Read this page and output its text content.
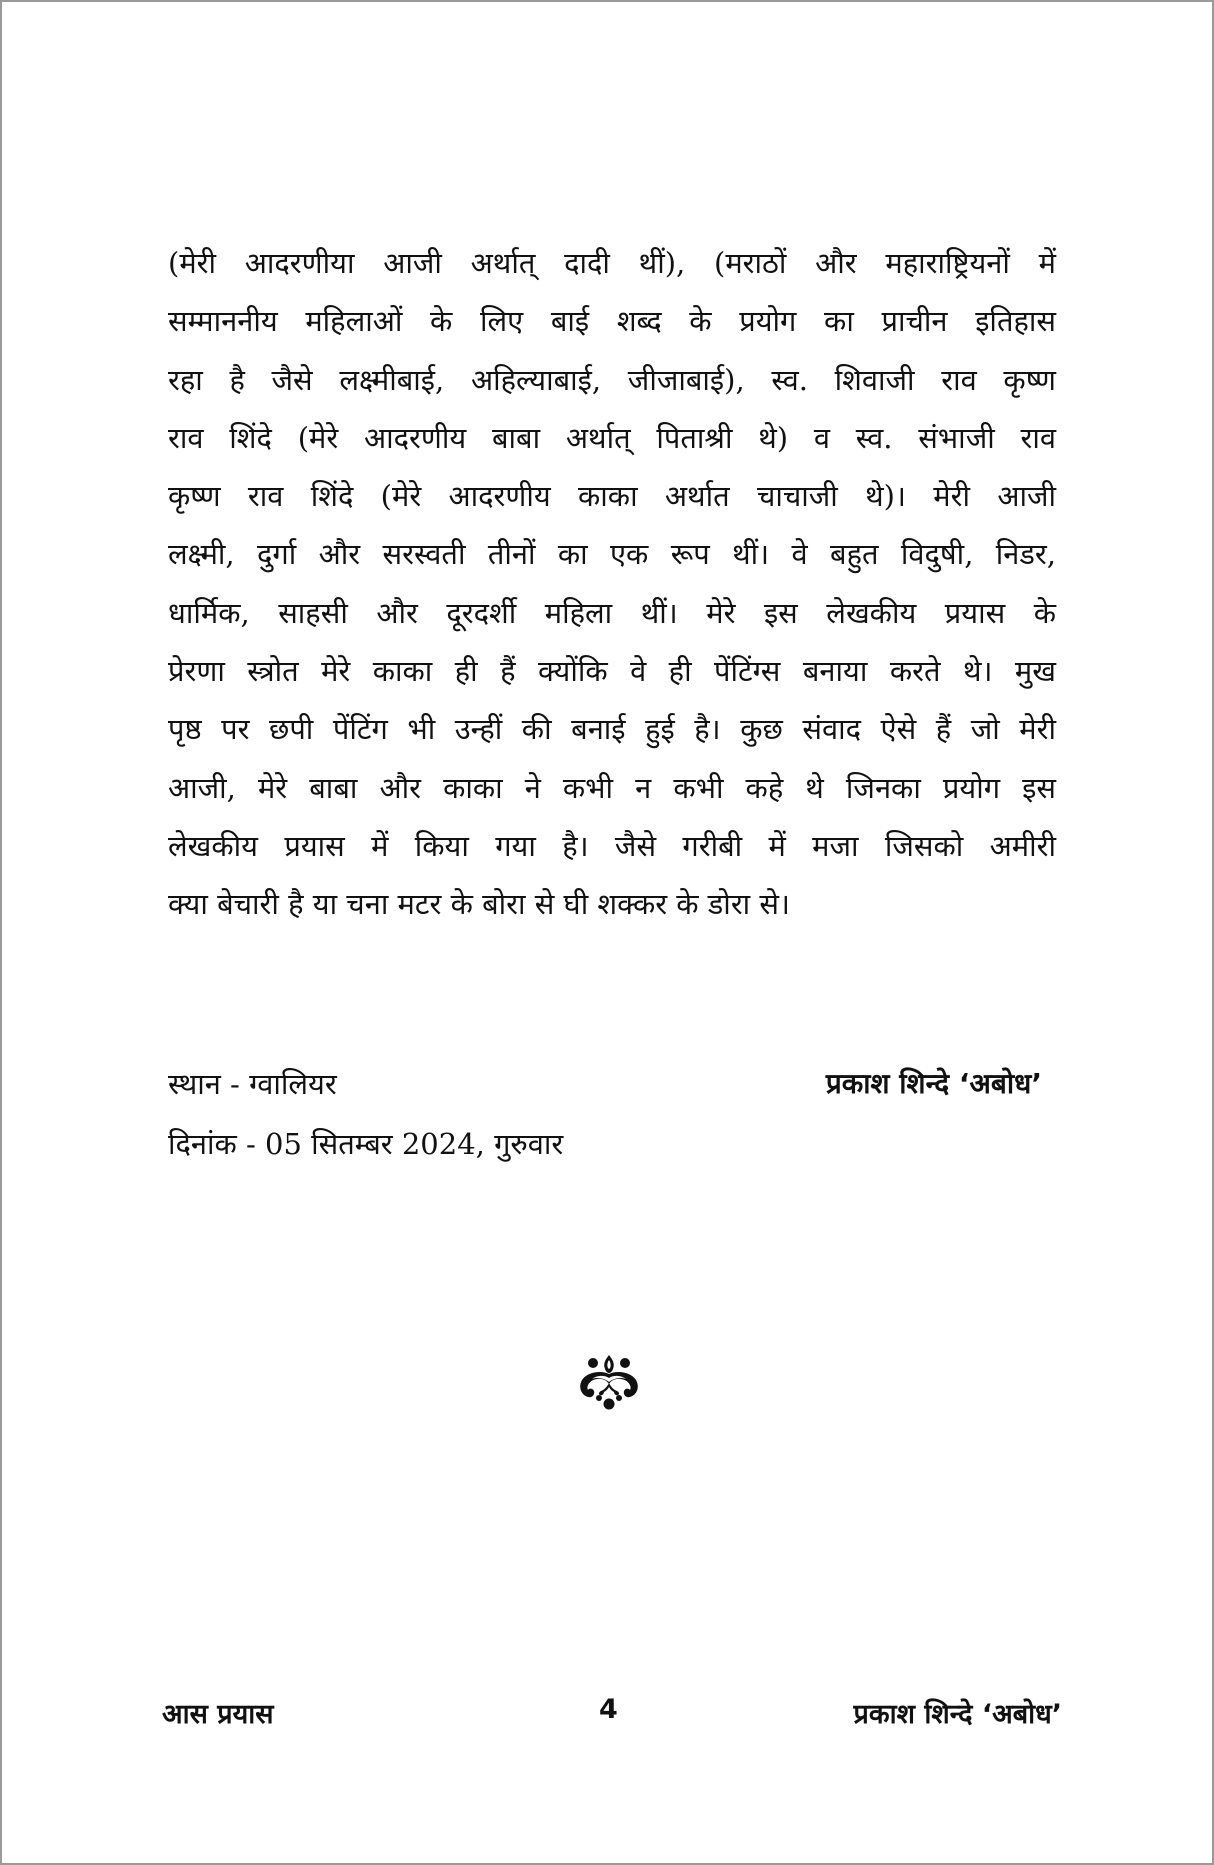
(मेरी आदरणीया आजी अर्थात् दादी थीं), (मराठों और महाराष्ट्रियनों में
सम्माननीय महिलाओं के लिए बाई शब्द के प्रयोग का प्राचीन इतिहास
रहा है जैसे लक्ष्मीबाई, अहिल्याबाई, जीजाबाई), स्व. शिवाजी राव कृष्ण
राव शिंदे (मेरे आदरणीय बाबा अर्थात् पिताश्री थे) व स्व. संभाजी राव
कृष्ण राव शिंदे (मेरे आदरणीय काका अर्थात चाचाजी थे)। मेरी आजी
लक्ष्मी, दुर्गा और सरस्वती तीनों का एक रूप थीं। वे बहुत विदुषी, निडर,
धार्मिक, साहसी और दूरदर्शी महिला थीं। मेरे इस लेखकीय प्रयास के
प्रेरणा स्त्रोत मेरे काका ही हैं क्योंकि वे ही पेंटिंग्स बनाया करते थे। मुख
पृष्ठ पर छपी पेंटिंग भी उन्हीं की बनाई हुई है। कुछ संवाद ऐसे हैं जो मेरी
आजी, मेरे बाबा और काका ने कभी न कभी कहे थे जिनका प्रयोग इस
लेखकीय प्रयास में किया गया है। जैसे गरीबी में मजा जिसको अमीरी
क्या बेचारी है या चना मटर के बोरा से घी शक्कर के डोरा से।
स्थान - ग्वालियर	प्रकाश शिन्दे ‘अबोध’
दिनांक - 05 सितम्बर 2024, गुरुवार
आस प्रयास	4	प्रकाश शिन्दे ‘अबोध’
